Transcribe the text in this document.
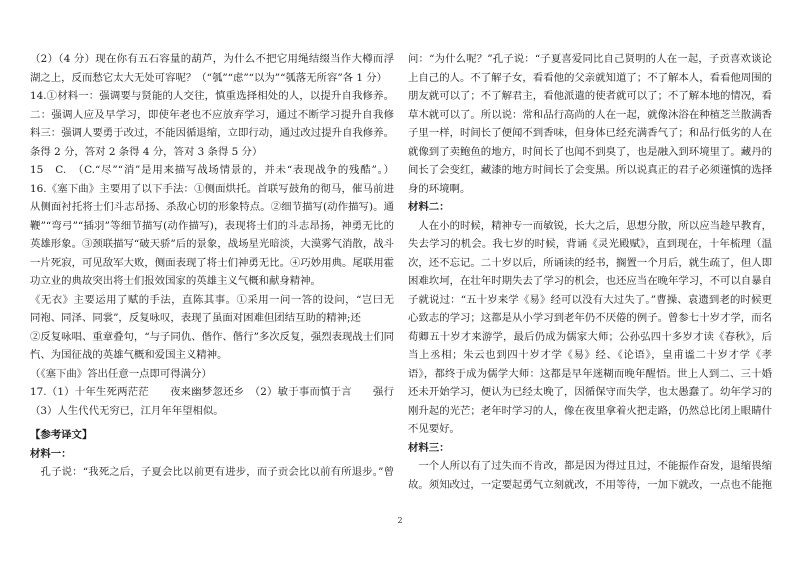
（2）（4 分）现在你有五石容量的葫芦，为什么不把它用绳结缀当作大樽而浮
湖之上，反而愁它太大无处可容呢？（“瓠”“虑”“以为”“瓠落无所容”各 1 分）
14.①材料一：强调要与贤能的人交往，慎重选择相处的人，以提升自我修养。
二：强调人应及早学习，即使年老也不应放弃学习，通过不断学习提升自我修
料三：强调人要勇于改过，不能因循退缩，立即行动，通过改过提升自我修养。
条得 2 分，答对 2 条得 4 分，答对 3 条得 5 分）
15　C.　（C.“尽”“消”是用来描写战场情景的，并未“表现战争的残酷”。）
16.《塞下曲》主要用了以下手法：①侧面烘托。首联写鼓角的彻马，催马前进
从侧面衬托将士们斗志昂扬、杀敌心切的形象特点。②细节描写(动作描写)。通
鞭”“弯弓”“插羽”等细节描写(动作描写)，表现将士们的斗志昂扬，神勇无比的
英雄形象。③颈联描写“破天骄”后的景象，战场星光暗淡，大漠雾气消散，战斗
一片死寂，可见敌军大败，侧面表现了将士们神勇无比。④巧妙用典。尾联用霍
功立业的典故突出将士们报效国家的英雄主义气概和献身精神。
《无衣》主要运用了赋的手法，直陈其事。①采用一问一答的设问，“岂曰无
同袍、同泽、同裳”，反复咏叹，表现了虽面对困难但团结互助的精神;还
②反复咏唱、重章叠句，“与子同仇、偕作、偕行”多次反复，强烈表现战士们同
忾、为国征战的英雄气概和爱国主义精神。
（《塞下曲》答出任意一点即可得满分）
17.（1）十年生死两茫茫　　夜来幽梦忽还乡　（2）敏于事而慎于言　　强行
（3）人生代代无穷已，江月年年望相似。
【参考译文】
材料一：
　孔子说：“我死之后，子夏会比以前更有进步，而子贡会比以前有所退步。”曾
问：“为什么呢？”孔子说：“子夏喜爱同比自己贤明的人在一起，子贡喜欢谈论
上自己的人。不了解子女，看看他的父亲就知道了；不了解本人，看看他周围的
朋友就可以了；不了解君主，看他派遣的使者就可以了；不了解本地的情况，看
草木就可以了。所以说：常和品行高尚的人在一起，就像沐浴在种植芝兰散满香
子里一样，时间长了便闻不到香味，但身体已经充满香气了；和品行低劣的人在
就像到了卖鲍鱼的地方，时间长了也闻不到臭了，也是融入到环境里了。藏丹的
间长了会变红，藏漆的地方时间长了会变黑。所以说真正的君子必须谨慎的选择
身的环境啊。
材料二：
　人在小的时候，精神专一而敏锐，长大之后，思想分散，所以应当趁早教育，
失去学习的机会。我七岁的时候，背诵《灵光殿赋》，直到现在，十年梳理（温
次，还不忘记。二十岁以后，所诵读的经书，搁置一个月后，就生疏了，但人即
困难坎坷，在壮年时期失去了学习的机会，也还应当在晚年学习，不可以自暴自
子就说过：“五十岁来学《易》经可以没有大过失了。”曹操、袁遗到老的时候更
心致志的学习；这都是从小学习到老年仍不厌倦的例子。曾参七十岁才学，而名
荀卿五十岁才来游学，最后仍成为儒家大师；公孙弘四十多岁才读《春秋》，后
当上丞相；朱云也到四十岁才学《易》经、《论语》，皇甫谧二十岁才学《孝
语》，都终于成为儒学大师：这都是早年迷糊而晚年醒悟。世上人到二、三十婚
还未开始学习，便认为已经太晚了，因循保守而失学，也太愚蠢了。幼年学习的
刚升起的光芒；老年时学习的人，像在夜里拿着火把走路，仍然总比闭上眼睛什
不见要好。
材料三：
　一个人所以有了过失而不肯改，都是因为得过且过，不能振作奋发，退缩畏缩
故。须知改过，一定要起勇气立刻就改，不用等待，一加下就改，一点也不能拖
2
